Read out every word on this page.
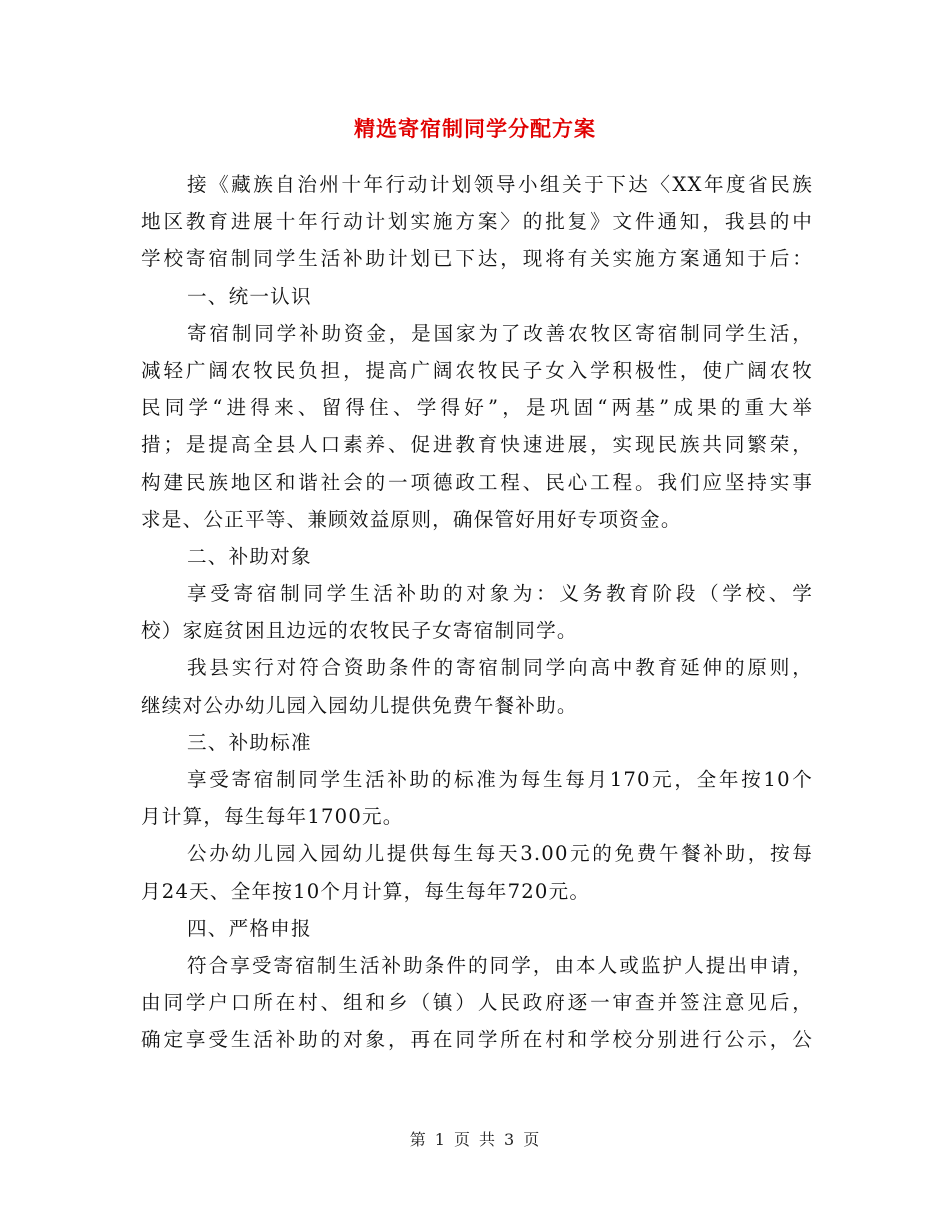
精选寄宿制同学分配方案
接《藏族自治州十年行动计划领导小组关于下达〈XX年度省民族
地区教育进展十年行动计划实施方案〉的批复》文件通知，我县的中
学校寄宿制同学生活补助计划已下达，现将有关实施方案通知于后：
一、统一认识
寄宿制同学补助资金，是国家为了改善农牧区寄宿制同学生活，
减轻广阔农牧民负担，提高广阔农牧民子女入学积极性，使广阔农牧
民同学“进得来、留得住、学得好”，是巩固“两基”成果的重大举
措；是提高全县人口素养、促进教育快速进展，实现民族共同繁荣，
构建民族地区和谐社会的一项德政工程、民心工程。我们应坚持实事
求是、公正平等、兼顾效益原则，确保管好用好专项资金。
二、补助对象
享受寄宿制同学生活补助的对象为：义务教育阶段（学校、学
校）家庭贫困且边远的农牧民子女寄宿制同学。
我县实行对符合资助条件的寄宿制同学向高中教育延伸的原则，
继续对公办幼儿园入园幼儿提供免费午餐补助。
三、补助标准
享受寄宿制同学生活补助的标准为每生每月170元，全年按10个
月计算，每生每年1700元。
公办幼儿园入园幼儿提供每生每天3.00元的免费午餐补助，按每
月24天、全年按10个月计算，每生每年720元。
四、严格申报
符合享受寄宿制生活补助条件的同学，由本人或监护人提出申请，
由同学户口所在村、组和乡（镇）人民政府逐一审查并签注意见后，
确定享受生活补助的对象，再在同学所在村和学校分别进行公示，公
第 1 页 共 3 页
